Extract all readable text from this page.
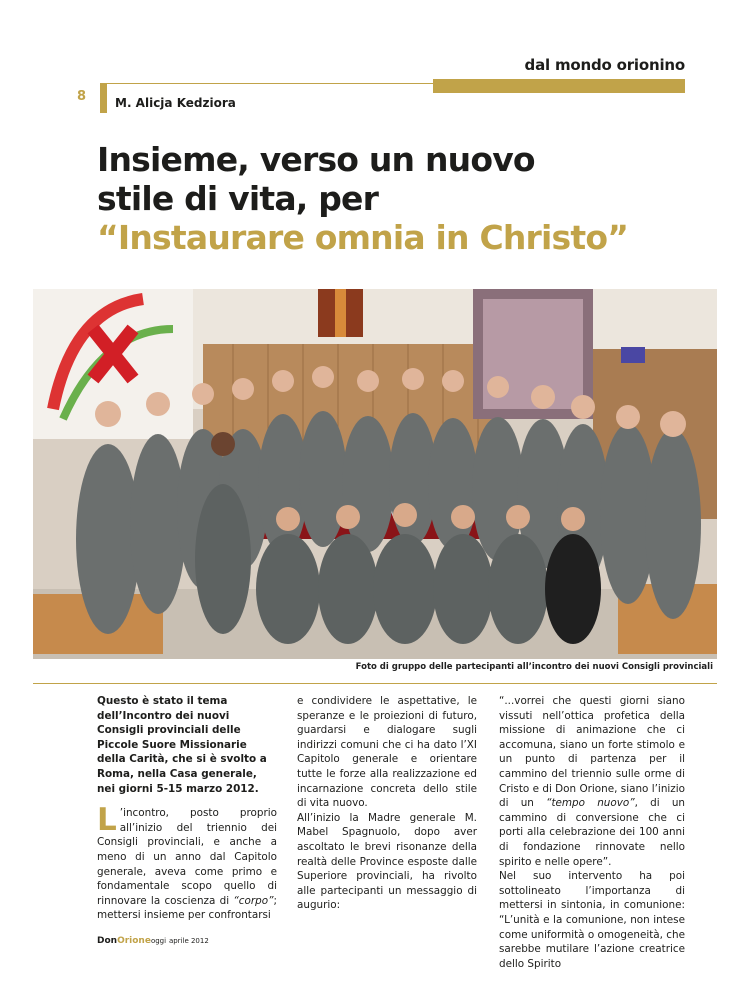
dal mondo orionino
8 M. Alicja Kedziora
Insieme, verso un nuovo
stile di vita, per
“Instaurare omnia in Christo”
Foto di gruppo delle partecipanti all’incontro dei nuovi Consigli provinciali

Questo è stato il tema dell’Incontro dei nuovi Consigli provinciali delle Piccole Suore Missionarie della Carità, che si è svolto a Roma, nella Casa generale, nei giorni 5-15 marzo 2012.

L ’incontro, posto proprio all’inizio del triennio dei Consigli provinciali, e anche a meno di un anno dal Capitolo generale, aveva come primo e fondamentale scopo quello di rinnovare la coscienza di “corpo”; mettersi insieme per confrontarsi

e condividere le aspettative, le speranze e le proiezioni di futuro, guardarsi e dialogare sugli indirizzi comuni che ci ha dato l’XI Capitolo generale e orientare tutte le forze alla realizzazione ed incarnazione concreta dello stile di vita nuovo.

All’inizio la Madre generale M. Mabel Spagnuolo, dopo aver ascoltato le brevi risonanze della realtà delle Province esposte dalle Superiore provinciali, ha rivolto alle partecipanti un messaggio di augurio:

“...vorrei che questi giorni siano vissuti nell’ottica profetica della missione di animazione che ci accomuna, siano un forte stimolo e un punto di partenza per il cammino del triennio sulle orme di Cristo e di Don Orione, siano l’inizio di un “tempo nuovo”, di un cammino di conversione che ci porti alla celebrazione dei 100 anni di fondazione rinnovate nello spirito e nelle opere”.

Nel suo intervento ha poi sottolineato l’importanza di mettersi in sintonia, in comunione: “L’unità e la comunione, non intese come uniformità o omogeneità, che sarebbe mutilare l’azione creatrice dello Spirito

DonOrioneoggi aprile 2012
